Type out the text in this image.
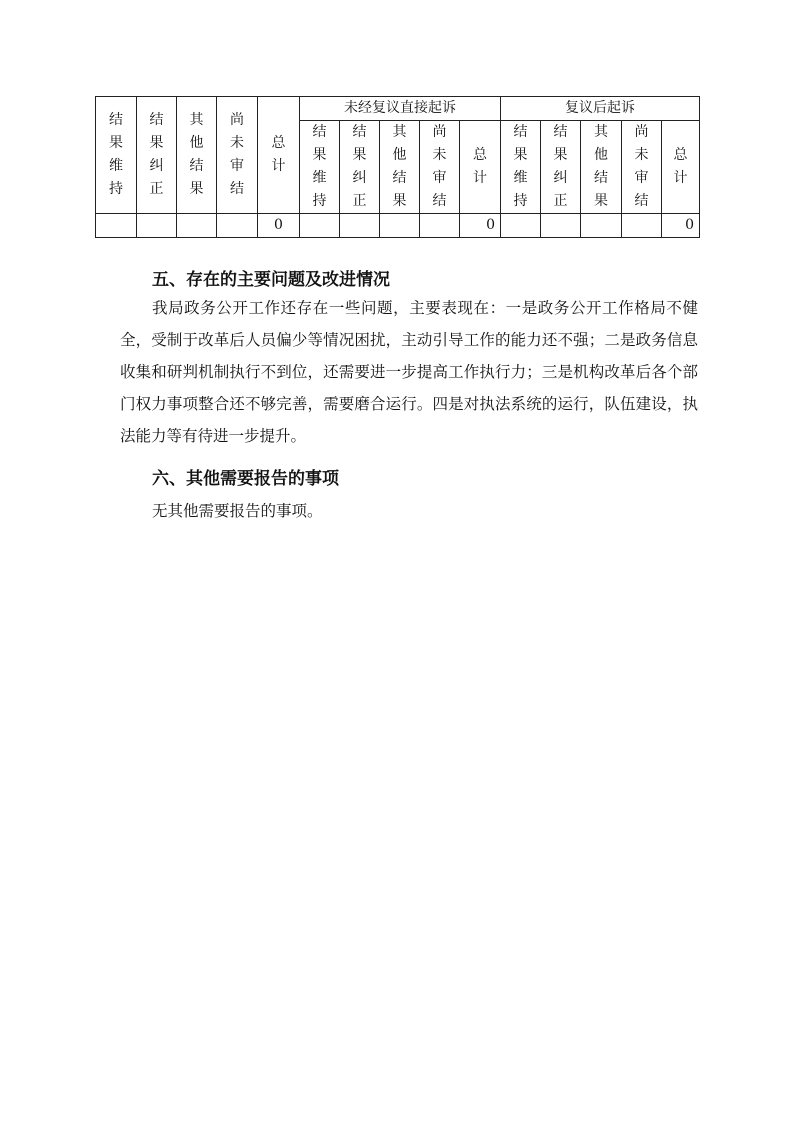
结果维持	结果纠正	其他结果	尚未审结	总计	未经复议直接起诉					复议后起诉				
					结果维持	结果纠正	其他结果	尚未审结	总计	结果维持	结果纠正	其他结果	尚未审结	总计
				0					0					0
五、存在的主要问题及改进情况

我局政务公开工作还存在一些问题，主要表现在：一是政务公开工作格局不健全，受制于改革后人员偏少等情况困扰，主动引导工作的能力还不强；二是政务信息收集和研判机制执行不到位，还需要进一步提高工作执行力；三是机构改革后各个部门权力事项整合还不够完善，需要磨合运行。四是对执法系统的运行，队伍建设，执法能力等有待进一步提升。

六、其他需要报告的事项

无其他需要报告的事项。
